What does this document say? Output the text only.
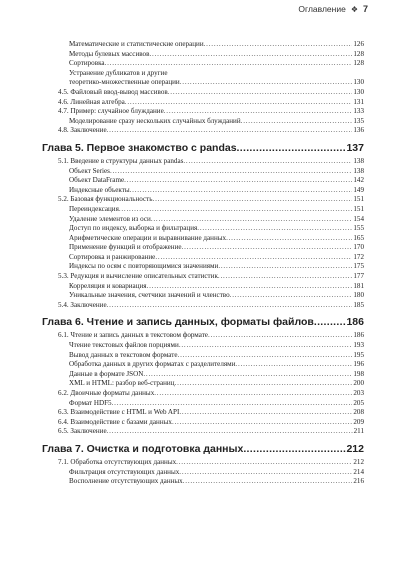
Оглавление ❖ 7
Математические и статистические операции . . .	126
Методы булевых массивов . . .	128
Сортировка . . .	128
Устранение дубликатов и другие
теоретико-множественные операции . . .	130
4.5. Файловый ввод-вывод массивов . . .	130
4.6. Линейная алгебра . . .	131
4.7. Пример: случайное блуждание . . .	133
Моделирование сразу нескольких случайных блужданий . . .	135
4.8. Заключение . . .	136
Глава 5. Первое знакомство с pandas .....	137
5.1. Введение в структуры данных pandas . . .	138
Объект Series . . .	138
Объект DataFrame . . .	142
Индексные объекты . . .	149
5.2. Базовая функциональность . . .	151
Переиндексация . . .	151
Удаление элементов из оси . . .	154
Доступ по индексу, выборка и фильтрация . . .	155
Арифметические операции и выравнивание данных . . .	165
Применение функций и отображение . . .	170
Сортировка и ранжирование . . .	172
Индексы по осям с повторяющимися значениями . . .	175
5.3. Редукция и вычисление описательных статистик . . .	177
Корреляция и ковариация . . .	181
Уникальные значения, счетчики значений и членство . . .	180
5.4. Заключение . . .	185
Глава 6. Чтение и запись данных, форматы файлов .....	186
6.1. Чтение и запись данных в текстовом формате . . .	186
Чтение текстовых файлов порциями . . .	193
Вывод данных в текстовом формате . . .	195
Обработка данных в других форматах с разделителями . . .	196
Данные в формате JSON . . .	198
XML и HTML: разбор веб-страниц . . .	200
6.2. Двоичные форматы данных . . .	203
Формат HDF5 . . .	205
6.3. Взаимодействие с HTML и Web API . . .	208
6.4. Взаимодействие с базами данных . . .	209
6.5. Заключение . . .	211
Глава 7. Очистка и подготовка данных .....	212
7.1. Обработка отсутствующих данных . . .	212
Фильтрация отсутствующих данных . . .	214
Восполнение отсутствующих данных . . .	216
